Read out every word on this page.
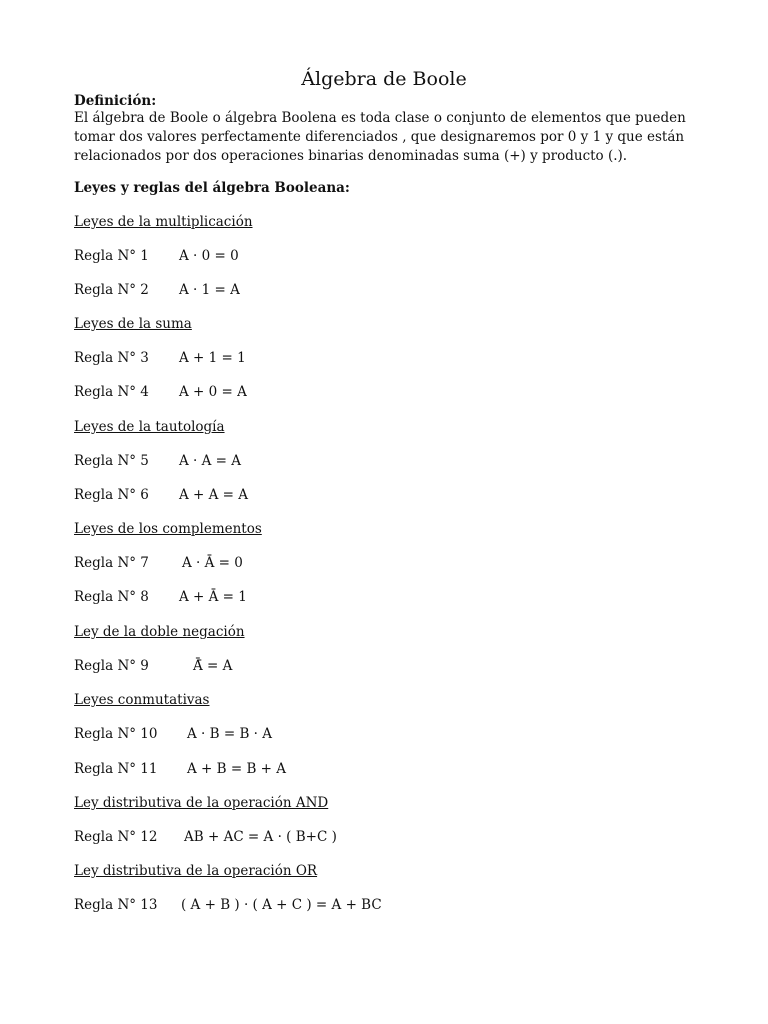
Álgebra de Boole

Definición:

El álgebra de Boole o álgebra Boolena es toda clase o conjunto de elementos que pueden
tomar dos valores perfectamente diferenciados , que designaremos por 0 y 1 y que están
relacionados por dos operaciones binarias denominadas suma (+) y producto (.).

Leyes y reglas del álgebra Booleana:

Leyes de la multiplicación

Regla N° 1 A · 0 = 0

Regla N° 2 A · 1 = A

Leyes de la suma

Regla N° 3 A + 1 = 1

Regla N° 4 A + 0 = A

Leyes de la tautología

Regla N° 5 A · A = A

Regla N° 6 A + A = A

Leyes de los complementos

Regla N° 7 A · Ā = 0

Regla N° 8 A + Ā = 1

Ley de la doble negación

Regla N° 9	Ā̄ = A

Leyes conmutativas

Regla N° 10 A · B = B · A

Regla N° 11 A + B = B + A

Ley distributiva de la operación AND

Regla N° 12 AB + AC = A · ( B+C )

Ley distributiva de la operación OR

Regla N° 13 ( A + B ) · ( A + C ) = A + BC
